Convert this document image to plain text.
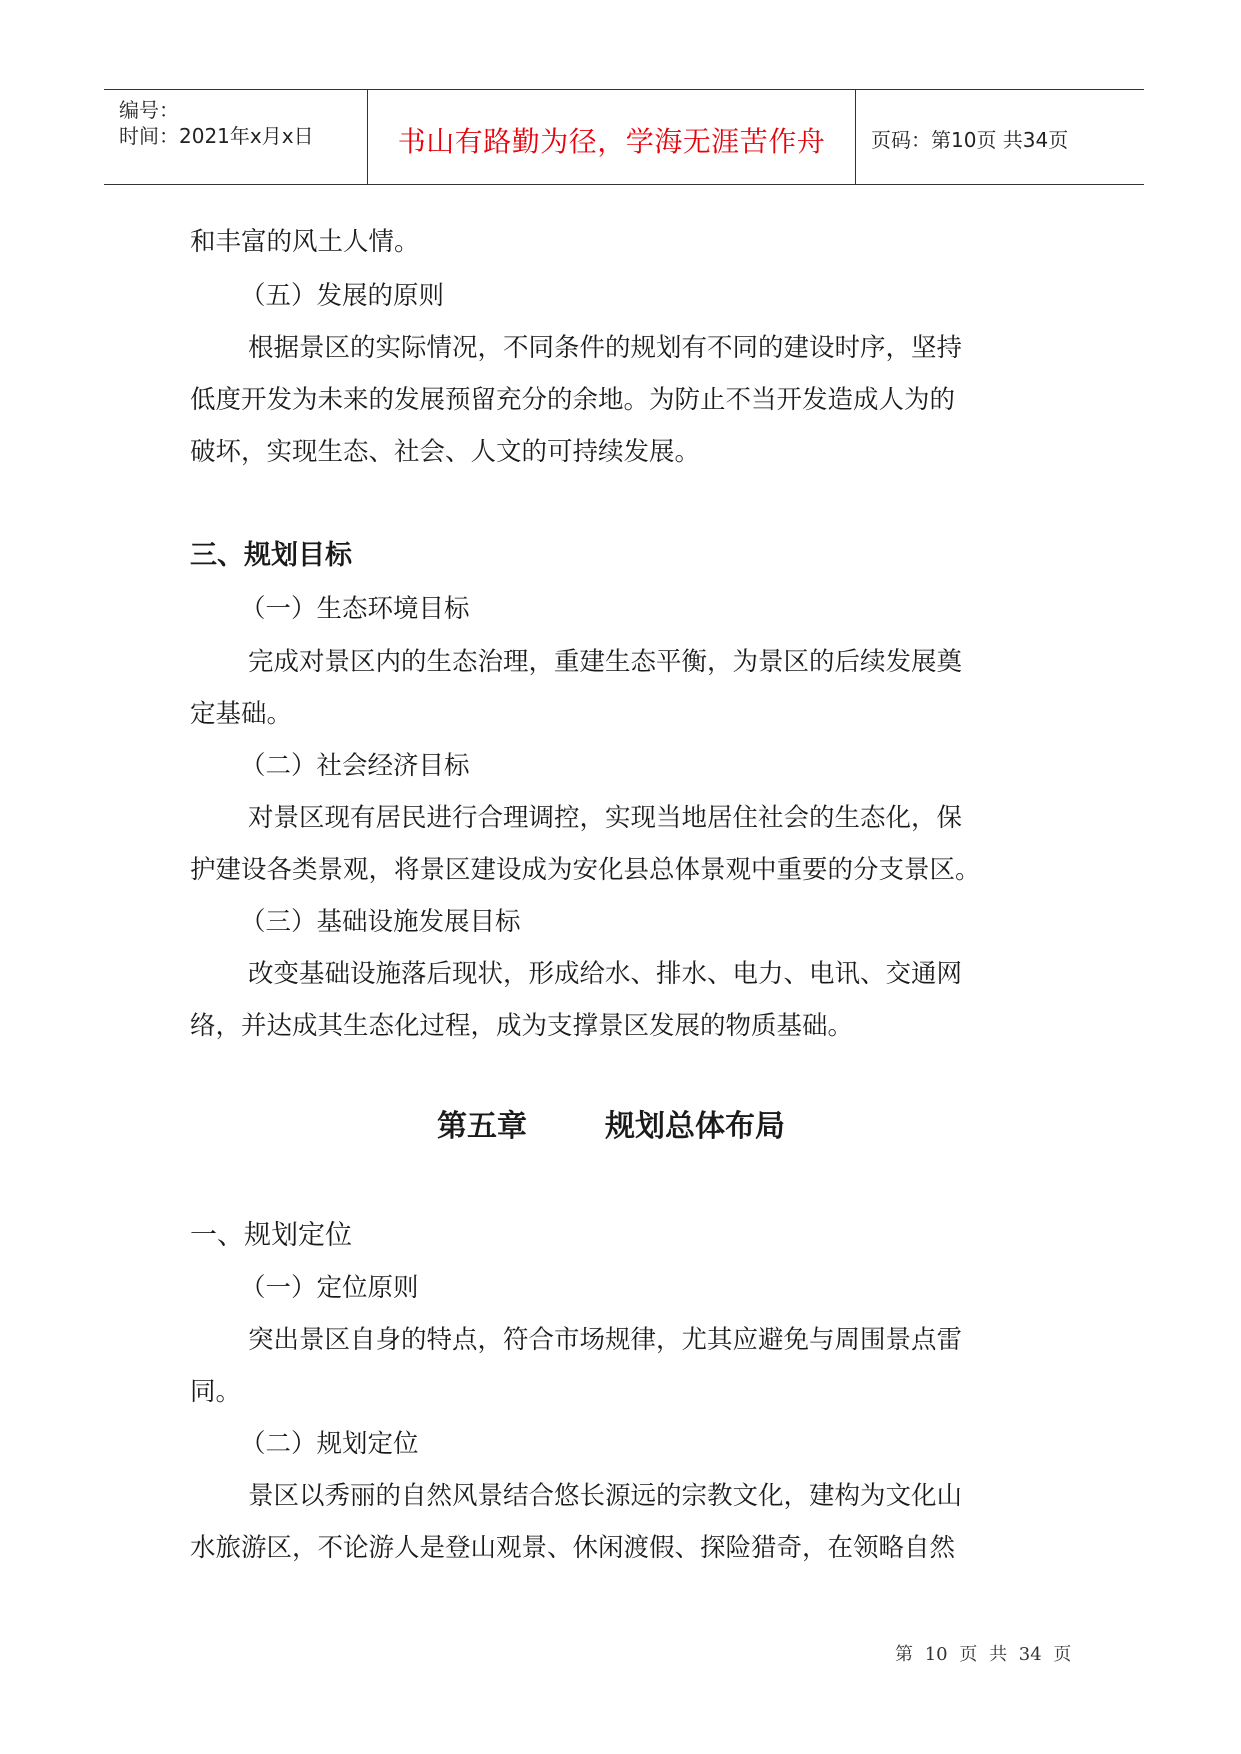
编号：
时间：2021年x月x日	书山有路勤为径，学海无涯苦作舟	页码：第10页 共34页

和丰富的风土人情。

（五）发展的原则

根据景区的实际情况，不同条件的规划有不同的建设时序，坚持

低度开发为未来的发展预留充分的余地。为防止不当开发造成人为的

破坏，实现生态、社会、人文的可持续发展。

三、规划目标

（一）生态环境目标

完成对景区内的生态治理，重建生态平衡，为景区的后续发展奠

定基础。

（二）社会经济目标

对景区现有居民进行合理调控，实现当地居住社会的生态化，保

护建设各类景观，将景区建设成为安化县总体景观中重要的分支景区。

（三）基础设施发展目标

改变基础设施落后现状，形成给水、排水、电力、电讯、交通网

络，并达成其生态化过程，成为支撑景区发展的物质基础。

第五章	规划总体布局
一、规划定位

（一）定位原则

突出景区自身的特点，符合市场规律，尤其应避免与周围景点雷

同。

（二）规划定位

景区以秀丽的自然风景结合悠长源远的宗教文化，建构为文化山

水旅游区，不论游人是登山观景、休闲渡假、探险猎奇，在领略自然

第 10 页 共 34 页
